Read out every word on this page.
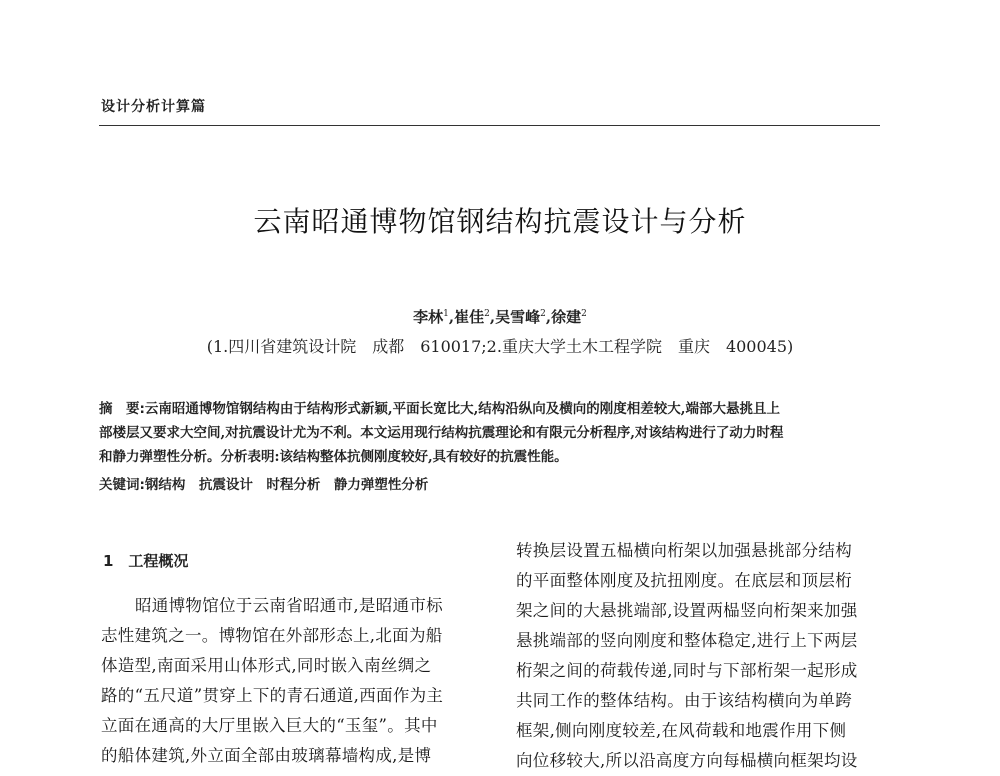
设计分析计算篇
云南昭通博物馆钢结构抗震设计与分析
李林$^1$,崔佳$^2$,吴雪峰$^2$,徐建$^2$
(1.四川省建筑设计院　成都　610017;2.重庆大学土木工程学院　重庆　400045)
摘　要:云南昭通博物馆钢结构由于结构形式新颖,平面长宽比大,结构沿纵向及横向的刚度相差较大,端部大悬挑且上
部楼层又要求大空间,对抗震设计尤为不利。本文运用现行结构抗震理论和有限元分析程序,对该结构进行了动力时程
和静力弹塑性分析。分析表明:该结构整体抗侧刚度较好,具有较好的抗震性能。
关键词:钢结构　抗震设计　时程分析　静力弹塑性分析
1　工程概况
昭通博物馆位于云南省昭通市,是昭通市标
志性建筑之一。博物馆在外部形态上,北面为船
体造型,南面采用山体形式,同时嵌入南丝绸之
路的“五尺道”贯穿上下的青石通道,西面作为主
立面在通高的大厅里嵌入巨大的“玉玺”。其中
的船体建筑,外立面全部由玻璃幕墙构成,是博
转换层设置五榀横向桁架以加强悬挑部分结构
的平面整体刚度及抗扭刚度。在底层和顶层桁
架之间的大悬挑端部,设置两榀竖向桁架来加强
悬挑端部的竖向刚度和整体稳定,进行上下两层
桁架之间的荷载传递,同时与下部桁架一起形成
共同工作的整体结构。由于该结构横向为单跨
框架,侧向刚度较差,在风荷载和地震作用下侧
向位移较大,所以沿高度方向每榀横向框架均设
